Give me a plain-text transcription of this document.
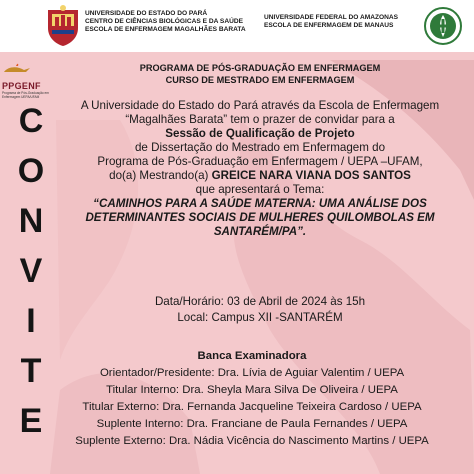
UNIVERSIDADE DO ESTADO DO PARÁ
CENTRO DE CIÊNCIAS BIOLÓGICAS E DA SAÚDE
ESCOLA DE ENFERMAGEM MAGALHÃES BARATA
UNIVERSIDADE FEDERAL DO AMAZONAS
ESCOLA DE ENFERMAGEM DE MANAUS
PPGENF
Programa de Pós-Graduação em Enfermagem UEPA/UFAM
C
O
N
V
I
T
E
PROGRAMA DE PÓS-GRADUAÇÃO EM ENFERMAGEM
CURSO DE MESTRADO EM ENFERMAGEM
A Universidade do Estado do Pará através da Escola de Enfermagem
“Magalhães Barata” tem o prazer de convidar para a
Sessão de Qualificação de Projeto
de Dissertação do Mestrado em Enfermagem do
Programa de Pós-Graduação em Enfermagem / UEPA –UFAM,
do(a) Mestrando(a) GREICE NARA VIANA DOS SANTOS
que apresentará o Tema:
“CAMINHOS PARA A SAÚDE MATERNA: UMA ANÁLISE DOS
DETERMINANTES SOCIAIS DE MULHERES QUILOMBOLAS EM
SANTARÉM/PA”.
Data/Horário: 03 de Abril de 2024 às 15h
Local: Campus XII -SANTARÉM
Banca Examinadora
Orientador/Presidente: Dra. Lívia de Aguiar Valentim / UEPA
Titular Interno: Dra. Sheyla Mara Silva De Oliveira / UEPA
Titular Externo: Dra. Fernanda Jacqueline Teixeira Cardoso / UEPA
Suplente Interno: Dra. Franciane de Paula Fernandes / UEPA
Suplente Externo: Dra. Nádia Vicência do Nascimento Martins / UEPA
